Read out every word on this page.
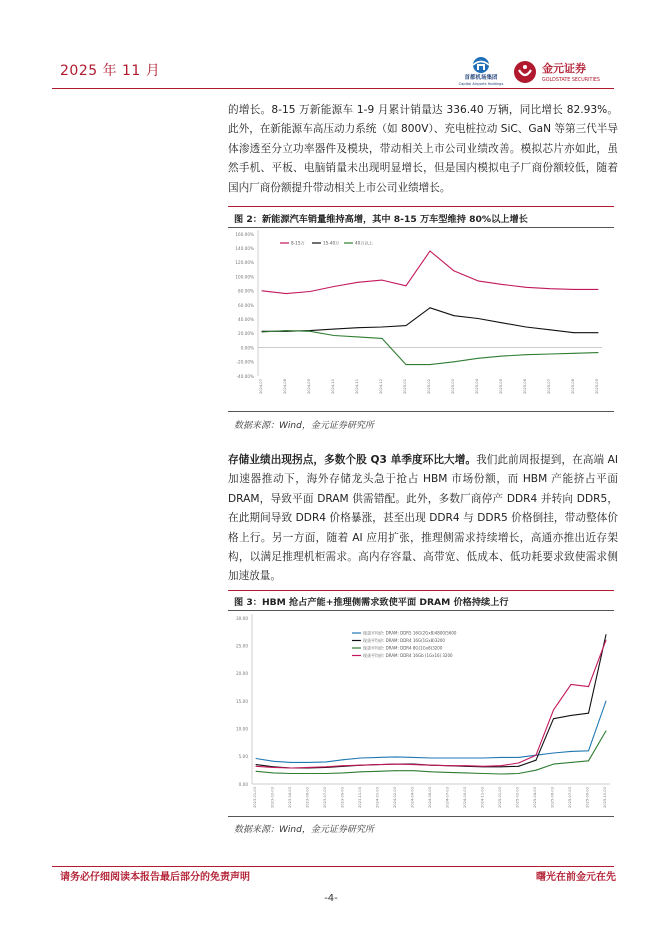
2025 年 11 月	首都机场集团
Capital Airports Holdings
金元证券
GOLDSTATE SECURITIES
的增长。8-15 万新能源车 1-9 月累计销量达 336.40 万辆，同比增长 82.93%。此外，在新能源车高压动力系统（如 800V）、充电桩拉动 SiC、GaN 等第三代半导体渗透至分立功率器件及模块，带动相关上市公司业绩改善。模拟芯片亦如此，虽然手机、平板、电脑销量未出现明显增长，但是国内模拟电子厂商份额较低，随着国内厂商份额提升带动相关上市公司业绩增长。
图 2：新能源汽车销量维持高增，其中 8-15 万车型维持 80%以上增长
160.00%
140.00%
120.00%
100.00%
80.00%
60.00%
40.00%
20.00%
0.00%
-20.00%
-40.00%
2024-07	2024-08	2024-09	2024-10	2024-11	2024-12	2025-01	2025-02	2025-03	2025-04	2025-05	2025-06	2025-07	2025-08	2025-09
8-15万	15-40万	40万以上
数据来源：Wind，金元证券研究所
存储业绩出现拐点，多数个股 Q3 单季度环比大增。我们此前周报提到，在高端 AI 加速器推动下，海外存储龙头急于抢占 HBM 市场份额，而 HBM 产能挤占平面 DRAM，导致平面 DRAM 供需错配。此外，多数厂商停产 DDR4 并转向 DDR5，在此期间导致 DDR4 价格暴涨，甚至出现 DDR4 与 DDR5 价格倒挂，带动整体价格上行。另一方面，随着 AI 应用扩张，推理侧需求持续增长，高通亦推出近存架构，以满足推理机柜需求。高内存容量、高带宽、低成本、低功耗要求致使需求侧加速放量。
图 3：HBM 抢占产能+推理侧需求致使平面 DRAM 价格持续上行
30.00
25.00
20.00
15.00
10.00
5.00
0.00
2023-01-03	2023-02-03	2023-04-03	2023-06-03	2023-07-03	2023-09-03	2023-11-03	2024-01-03	2024-02-03	2024-04-03	2024-06-03	2024-07-03	2024-09-03	2024-11-03	2025-01-03	2025-02-03	2025-04-03	2025-06-03	2025-07-03	2025-09-03	2025-10-03
现货平均价: DRAM: DDR5 16G(2Gx8)4800/5600
现货平均价: DRAM: DDR4 16G(1Gx8)3200
现货平均价: DRAM: DDR4 8G(1Gx8)3200
现货平均价: DRAM: DDR4 16Gb (1Gx16) 3200
数据来源：Wind，金元证券研究所
请务必仔细阅读本报告最后部分的免责声明	曙光在前金元在先
-4-
